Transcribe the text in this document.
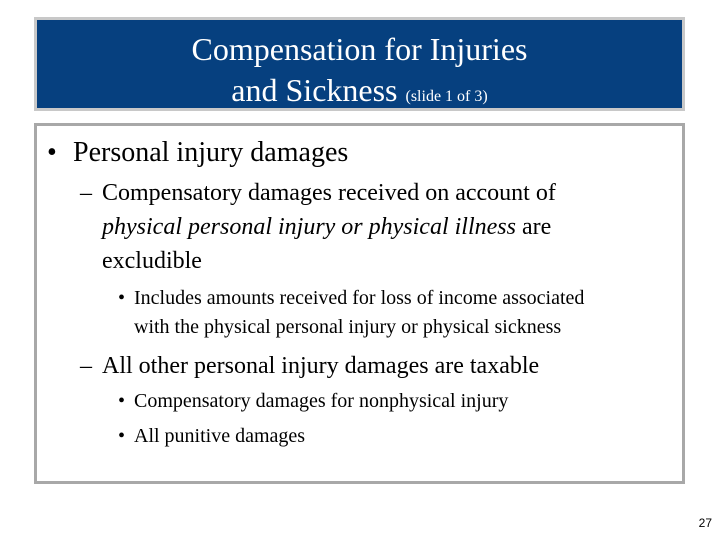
Compensation for Injuries
and Sickness (slide 1 of 3)
• Personal injury damages
– Compensatory damages received on account of
physical personal injury or physical illness are
excludible
• Includes amounts received for loss of income associated
with the physical personal injury or physical sickness
– All other personal injury damages are taxable
• Compensatory damages for nonphysical injury
• All punitive damages
27
